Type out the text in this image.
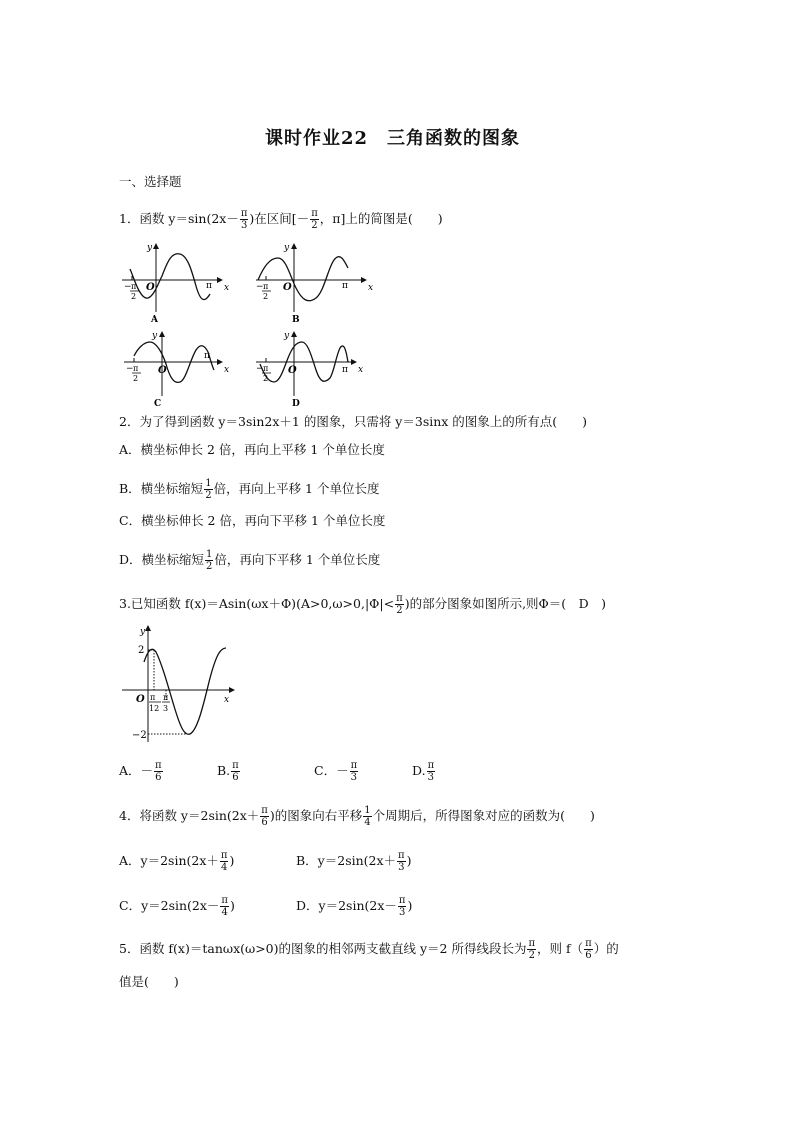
课时作业22　三角函数的图象
一、选择题
1．函数 $y=\sin(2x- \frac{\pi}{3}$ )在区间[－ $\frac{\pi}{2}$ ，π]上的简图是(　　)
y
x
O	π
− π
2
A
y
x
O	π
− π
2
B
y
x
O
π
− π
2
C
y
x
O	π
− π
2
D
2．为了得到函数 y＝3sin2x＋1 的图象，只需将 y＝3sinx 的图象上的所有点(　　)
A．横坐标伸长 2 倍，再向上平移 1 个单位长度
B．横坐标缩短 $\frac{1}{2}$ 倍，再向上平移 1 个单位长度
C．横坐标伸长 2 倍，再向下平移 1 个单位长度
D．横坐标缩短 $\frac{1}{2}$ 倍，再向下平移 1 个单位长度
3.已知函数 $f(x)=Asin(\omega x+\Phi)(A>0,\omega>0,|\Phi|< \frac{\pi}{2}$ )的部分图象如图所示,则Φ＝(　D　)
y
x
O
2
−2
π
12
π
3
A．－ $\frac{\pi}{6}$	B. $\frac{\pi}{6}$	C．－ $\frac{\pi}{3}$	D. $\frac{\pi}{3}$
4．将函数 $y=2\sin(2x+ \frac{\pi}{6}$ )的图象向右平移 $\frac{1}{4}$ 个周期后，所得图象对应的函数为(　　)
A．$y=2\sin(2x+ \frac{\pi}{4}$ )	B．$y=2\sin(2x+ \frac{\pi}{3}$ )
C．$y=2\sin(2x- \frac{\pi}{4}$ )	D．$y=2\sin(2x- \frac{\pi}{3}$ )
5．函数 f(x)＝tanωx(ω>0)的图象的相邻两支截直线 y＝2 所得线段长为 $\frac{\pi}{2}$ ，则 $f( \frac{\pi}{6}$ ）的
值是(　　)
